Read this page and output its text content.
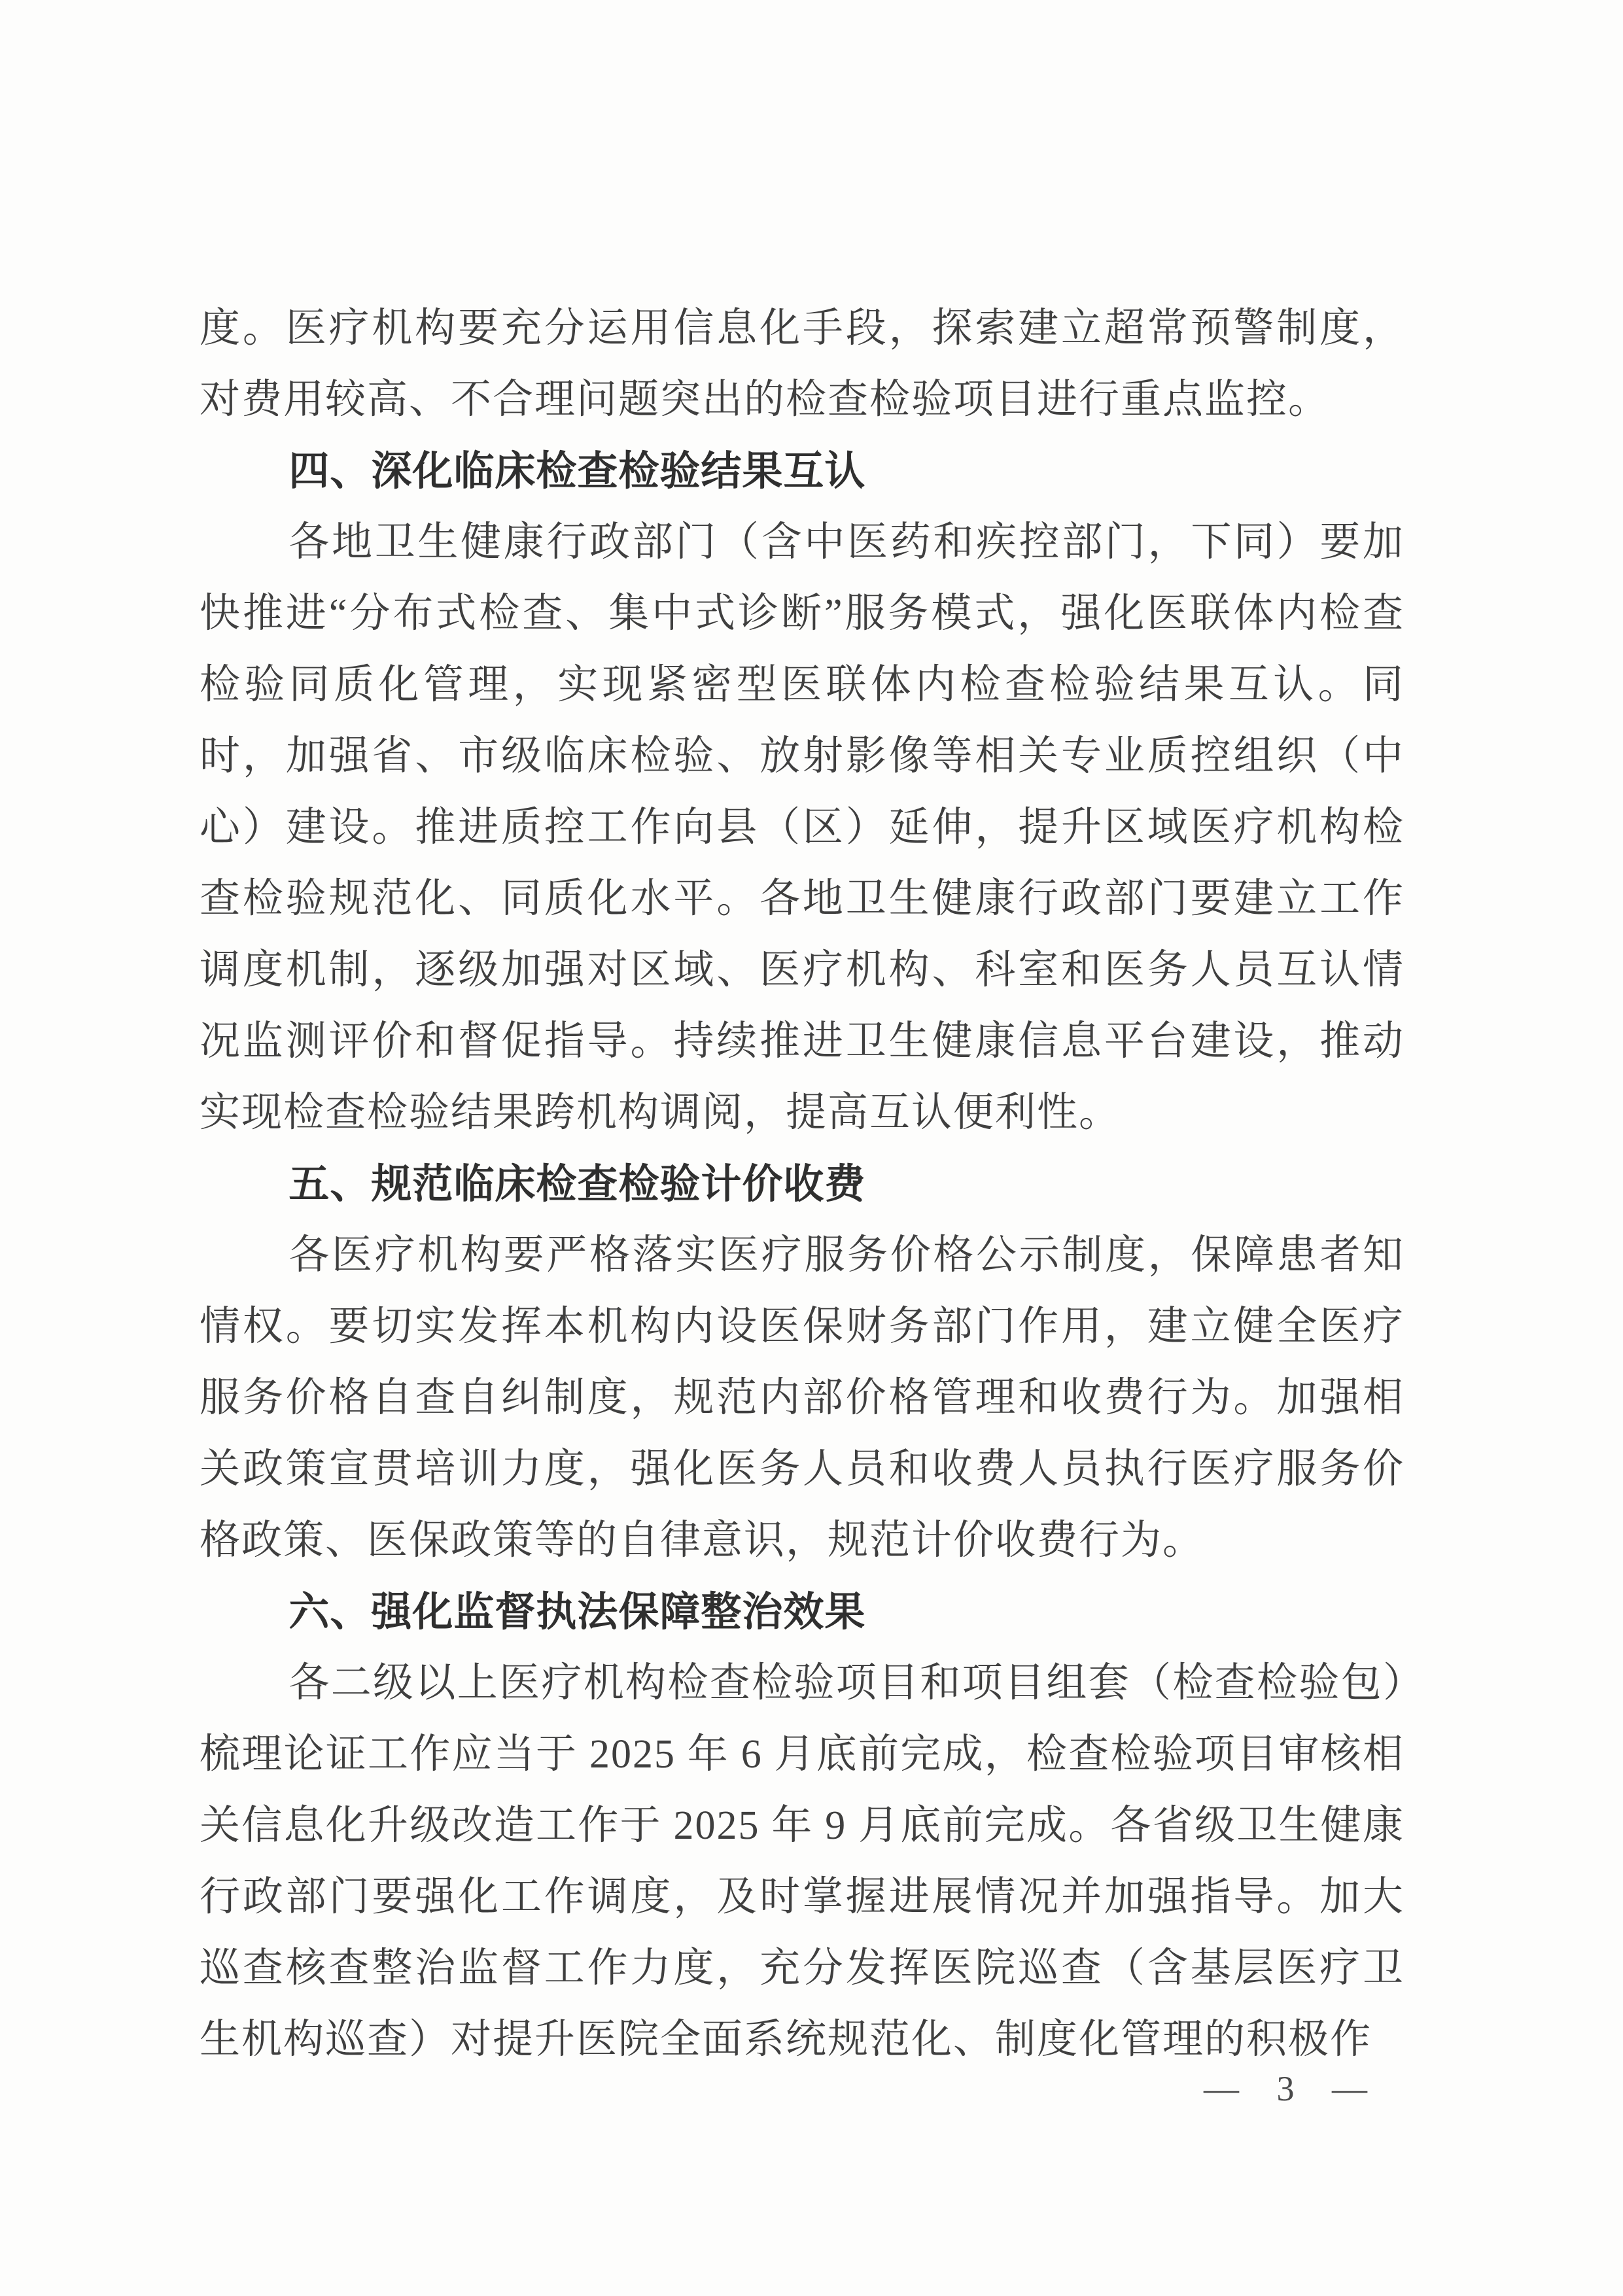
度。医疗机构要充分运用信息化手段，探索建立超常预警制度，对费用较高、不合理问题突出的检查检验项目进行重点监控。

四、深化临床检查检验结果互认

各地卫生健康行政部门（含中医药和疾控部门，下同）要加快推进“分布式检查、集中式诊断”服务模式，强化医联体内检查检验同质化管理，实现紧密型医联体内检查检验结果互认。同时，加强省、市级临床检验、放射影像等相关专业质控组织（中心）建设。推进质控工作向县（区）延伸，提升区域医疗机构检查检验规范化、同质化水平。各地卫生健康行政部门要建立工作调度机制，逐级加强对区域、医疗机构、科室和医务人员互认情况监测评价和督促指导。持续推进卫生健康信息平台建设，推动实现检查检验结果跨机构调阅，提高互认便利性。

五、规范临床检查检验计价收费

各医疗机构要严格落实医疗服务价格公示制度，保障患者知情权。要切实发挥本机构内设医保财务部门作用，建立健全医疗服务价格自查自纠制度，规范内部价格管理和收费行为。加强相关政策宣贯培训力度，强化医务人员和收费人员执行医疗服务价格政策、医保政策等的自律意识，规范计价收费行为。

六、强化监督执法保障整治效果

各二级以上医疗机构检查检验项目和项目组套（检查检验包）梳理论证工作应当于 2025 年 6 月底前完成，检查检验项目审核相关信息化升级改造工作于 2025 年 9 月底前完成。各省级卫生健康行政部门要强化工作调度，及时掌握进展情况并加强指导。加大巡查核查整治监督工作力度，充分发挥医院巡查（含基层医疗卫生机构巡查）对提升医院全面系统规范化、制度化管理的积极作

— 3 —
